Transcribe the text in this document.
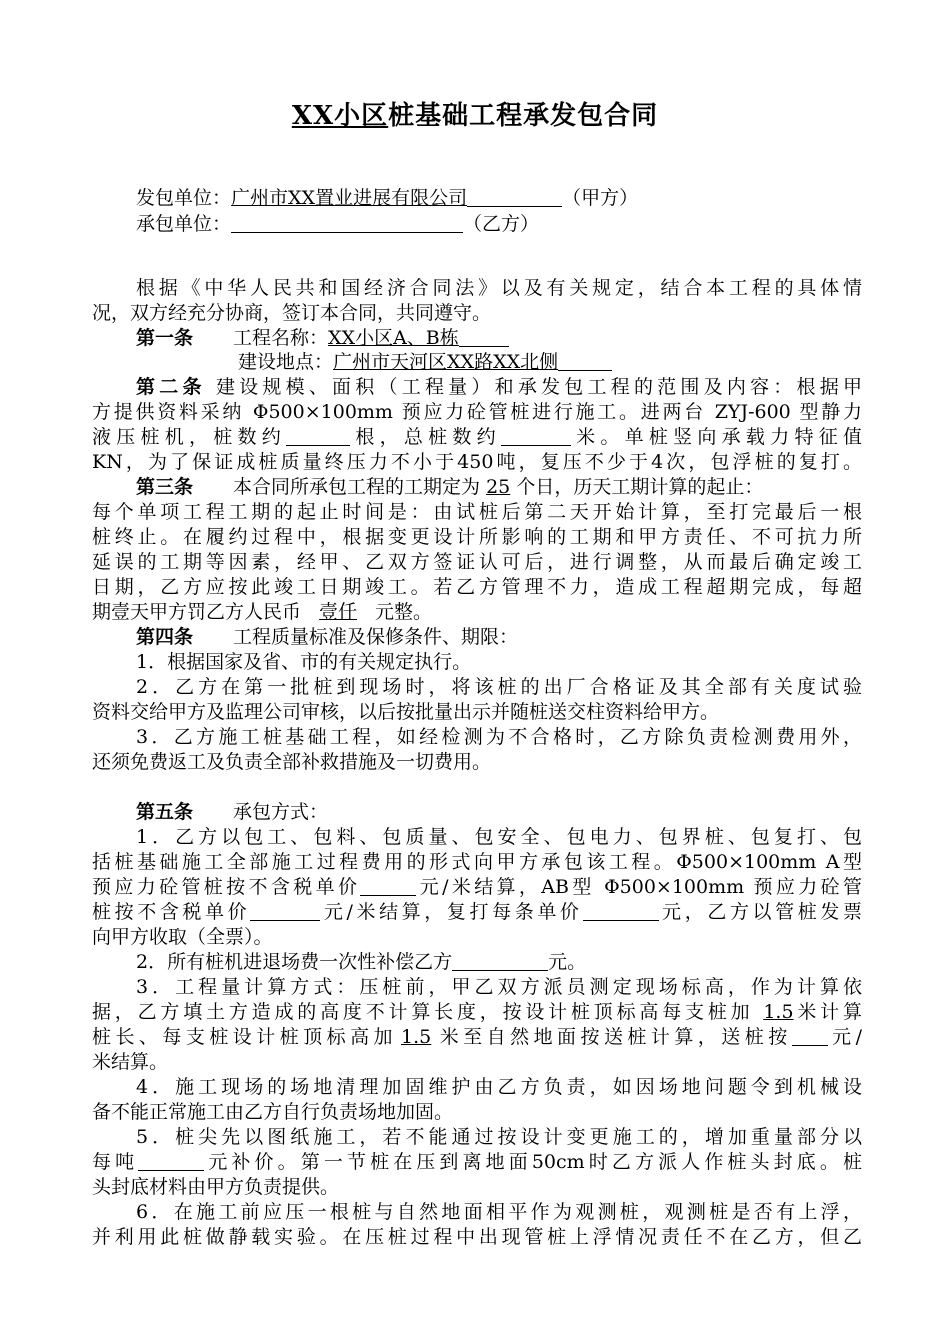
XX小区桩基础工程承发包合同
发包单位：广州市XX置业进展有限公司	（甲方）
承包单位：	（乙方）
根据《中华人民共和国经济合同法》以及有关规定，结合本工程的具体情
况，双方经充分协商，签订本合同，共同遵守。
第一条 工程名称：XX小区A、B栋
建设地点：广州市天河区XX路XX北侧
第二条 建设规模、面积（工程量）和承发包工程的范围及内容：根据甲
方提供资料采纳 Φ500×100mm 预应力砼管桩进行施工。进两台 ZYJ-600 型静力
液压桩机，桩数约	根，总桩数约	米。单桩竖向承载力特征值
KN，为了保证成桩质量终压力不小于450吨，复压不少于4次，包浮桩的复打。
第三条 本合同所承包工程的工期定为 25 个日，历天工期计算的起止：
每个单项工程工期的起止时间是：由试桩后第二天开始计算，至打完最后一根
桩终止。在履约过程中，根据变更设计所影响的工期和甲方责任、不可抗力所
延误的工期等因素，经甲、乙双方签证认可后，进行调整，从而最后确定竣工
日期，乙方应按此竣工日期竣工。若乙方管理不力，造成工程超期完成，每超
期壹天甲方罚乙方人民币 壹仟 元整。
第四条 工程质量标准及保修条件、期限：
1．根据国家及省、市的有关规定执行。
2．乙方在第一批桩到现场时，将该桩的出厂合格证及其全部有关度试验
资料交给甲方及监理公司审核，以后按批量出示并随桩送交柱资料给甲方。
3．乙方施工桩基础工程，如经检测为不合格时，乙方除负责检测费用外，
还须免费返工及负责全部补救措施及一切费用。
第五条 承包方式：
1．乙方以包工、包料、包质量、包安全、包电力、包界桩、包复打、包
括桩基础施工全部施工过程费用的形式向甲方承包该工程。Φ500×100mm A型
预应力砼管桩按不含税单价	元/米结算，AB型 Φ500×100mm 预应力砼管
桩按不含税单价	元/米结算，复打每条单价	元，乙方以管桩发票
向甲方收取（全票）。
2．所有桩机进退场费一次性补偿乙方	元。
3．工程量计算方式：压桩前，甲乙双方派员测定现场标高，作为计算依
据，乙方填土方造成的高度不计算长度，按设计桩顶标高每支桩加 1.5米计算
桩长、每支桩设计桩顶标高加 1.5 米至自然地面按送桩计算，送桩按 元/
米结算。
4．施工现场的场地清理加固维护由乙方负责，如因场地问题令到机械设
备不能正常施工由乙方自行负责场地加固。
5．桩尖先以图纸施工，若不能通过按设计变更施工的，增加重量部分以
每吨	元补价。第一节桩在压到离地面50cm时乙方派人作桩头封底。桩
头封底材料由甲方负责提供。
6．在施工前应压一根桩与自然地面相平作为观测桩，观测桩是否有上浮，
并利用此桩做静载实验。在压桩过程中出现管桩上浮情况责任不在乙方，但乙
